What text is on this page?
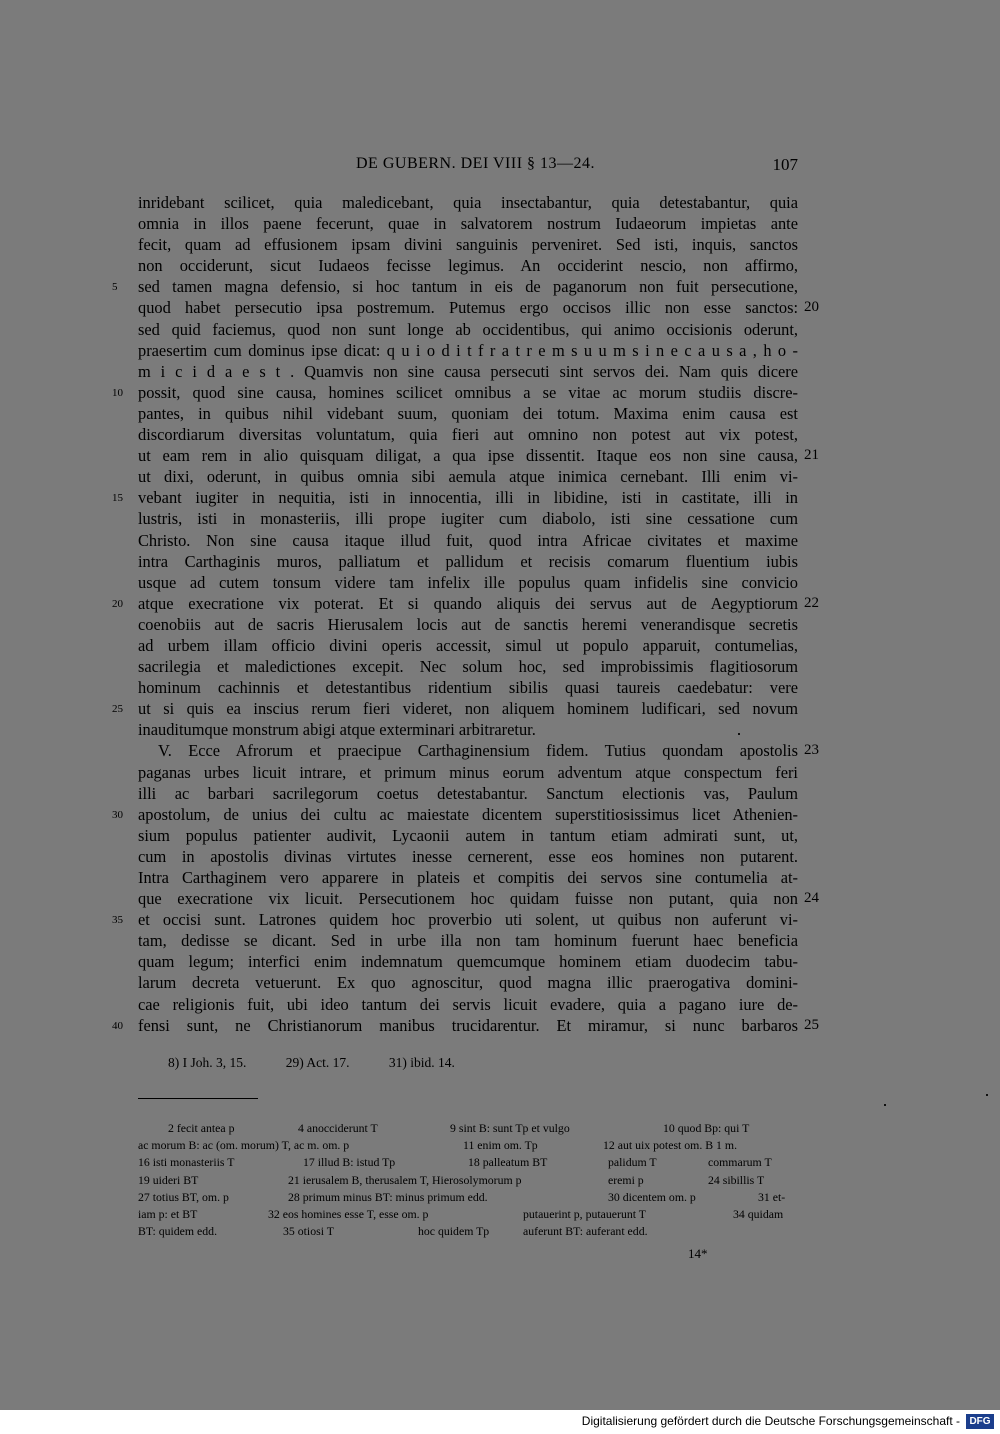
DE GUBERN. DEI VIII § 13—24.	107
inridebant scilicet, quia maledicebant, quia insectabantur, quia detestabantur, quia
omnia in illos paene fecerunt, quae in salvatorem nostrum Iudaeorum impietas ante
fecit, quam ad effusionem ipsam divini sanguinis perveniret. Sed isti, inquis, sanctos
non occiderunt, sicut Iudaeos fecisse legimus. An occiderint nescio, non affirmo,
sed tamen magna defensio, si hoc tantum in eis de paganorum non fuit persecutione,
5
quod habet persecutio ipsa postremum. Putemus ergo occisos illic non esse sanctos: 20
sed quid faciemus, quod non sunt longe ab occidentibus, qui animo occisionis oderunt,
praesertim cum dominus ipse dicat: q u i o d i t f r a t r e m s u u m s i n e c a u s a , h o -
m i c i d a e s t . Quamvis non sine causa persecuti sint servos dei. Nam quis dicere
possit, quod sine causa, homines scilicet omnibus a se vitae ac morum studiis discre-
10
pantes, in quibus nihil videbant suum, quoniam dei totum. Maxima enim causa est
discordiarum diversitas voluntatum, quia fieri aut omnino non potest aut vix potest,
ut eam rem in alio quisquam diligat, a qua ipse dissentit. Itaque eos non sine causa, 21
ut dixi, oderunt, in quibus omnia sibi aemula atque inimica cernebant. Illi enim vi-
vebant iugiter in nequitia, isti in innocentia, illi in libidine, isti in castitate, illi in
15
lustris, isti in monasteriis, illi prope iugiter cum diabolo, isti sine cessatione cum
Christo. Non sine causa itaque illud fuit, quod intra Africae civitates et maxime
intra Carthaginis muros, palliatum et pallidum et recisis comarum fluentium iubis
usque ad cutem tonsum videre tam infelix ille populus quam infidelis sine convicio
atque execratione vix poterat. Et si quando aliquis dei servus aut de Aegyptiorum
20	22
coenobiis aut de sacris Hierusalem locis aut de sanctis heremi venerandisque secretis
ad urbem illam officio divini operis accessit, simul ut populo apparuit, contumelias,
sacrilegia et maledictiones excepit. Nec solum hoc, sed improbissimis flagitiosorum
hominum cachinnis et detestantibus ridentium sibilis quasi taureis caedebatur: vere
ut si quis ea inscius rerum fieri videret, non aliquem hominem ludificari, sed novum
25
inauditumque monstrum abigi atque exterminari arbitraretur.
V. Ecce Afrorum et praecipue Carthaginensium fidem. Tutius quondam apostolis 23
paganas urbes licuit intrare, et primum minus eorum adventum atque conspectum feri
illi ac barbari sacrilegorum coetus detestabantur. Sanctum electionis vas, Paulum
apostolum, de unius dei cultu ac maiestate dicentem superstitiosissimus licet Athenien-
30
sium populus patienter audivit, Lycaonii autem in tantum etiam admirati sunt, ut,
cum in apostolis divinas virtutes inesse cernerent, esse eos homines non putarent.
Intra Carthaginem vero apparere in plateis et compitis dei servos sine contumelia at-
que execratione vix licuit. Persecutionem hoc quidam fuisse non putant, quia non 24
et occisi sunt. Latrones quidem hoc proverbio uti solent, ut quibus non auferunt vi-
35
tam, dedisse se dicant. Sed in urbe illa non tam hominum fuerunt haec beneficia
quam legum; interfici enim indemnatum quemcumque hominem etiam duodecim tabu-
larum decreta vetuerunt. Ex quo agnoscitur, quod magna illic praerogativa domini-
cae religionis fuit, ubi ideo tantum dei servis licuit evadere, quia a pagano iure de-
fensi sunt, ne Christianorum manibus trucidarentur. Et miramur, si nunc barbaros
40	25
8) I Joh. 3, 15.	29) Act. 17.	31) ibid. 14.
2 fecit antea p	4 anocciderunt T	9 sint B: sunt Tp et vulgo	10 quod Bp: qui T
ac morum B: ac (om. morum) T, ac m. om. p	11 enim om. Tp	12 aut uix potest om. B 1 m.
16 isti monasteriis T	17 illud B: istud Tp	18 palleatum BT	palidum T	commarum T
19 uideri BT	21 ierusalem B, therusalem T, Hierosolymorum p	eremi p	24 sibillis T
27 totius BT, om. p	28 primum minus BT: minus primum edd.	30 dicentem om. p	31 et-
iam p: et BT	32 eos homines esse T, esse om. p	putauerint p, putauerunt T	34 quidam
BT: quidem edd.	35 otiosi T	hoc quidem Tp	auferunt BT: auferant edd.
14*
Digitalisierung gefördert durch die Deutsche Forschungsgemeinschaft - DFG
